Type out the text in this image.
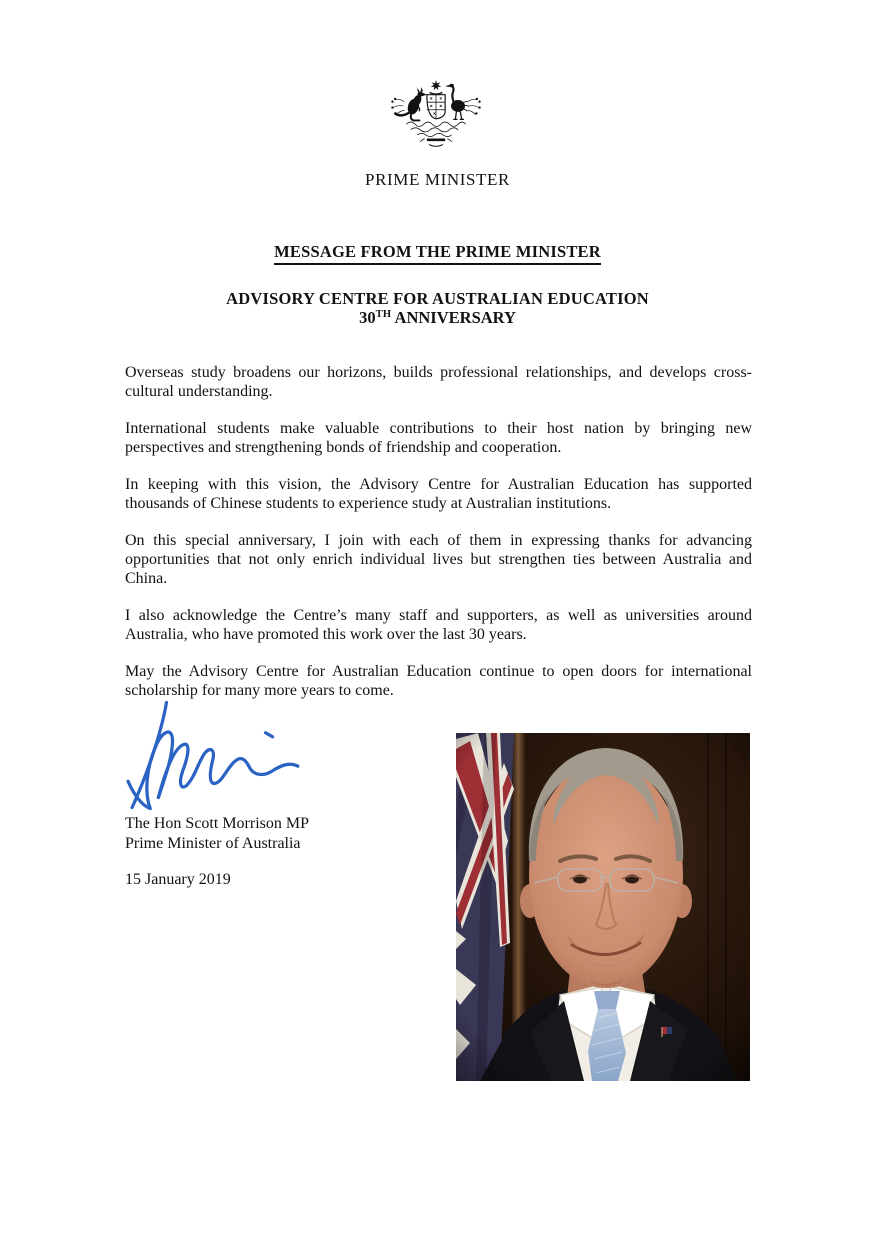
PRIME MINISTER
MESSAGE FROM THE PRIME MINISTER
ADVISORY CENTRE FOR AUSTRALIAN EDUCATION
30TH ANNIVERSARY

Overseas study broadens our horizons, builds professional relationships, and develops cross-cultural understanding.

International students make valuable contributions to their host nation by bringing new perspectives and strengthening bonds of friendship and cooperation.

In keeping with this vision, the Advisory Centre for Australian Education has supported thousands of Chinese students to experience study at Australian institutions.

On this special anniversary, I join with each of them in expressing thanks for advancing opportunities that not only enrich individual lives but strengthen ties between Australia and China.

I also acknowledge the Centre’s many staff and supporters, as well as universities around Australia, who have promoted this work over the last 30 years.

May the Advisory Centre for Australian Education continue to open doors for international scholarship for many more years to come.

The Hon Scott Morrison MP
Prime Minister of Australia
15 January 2019
